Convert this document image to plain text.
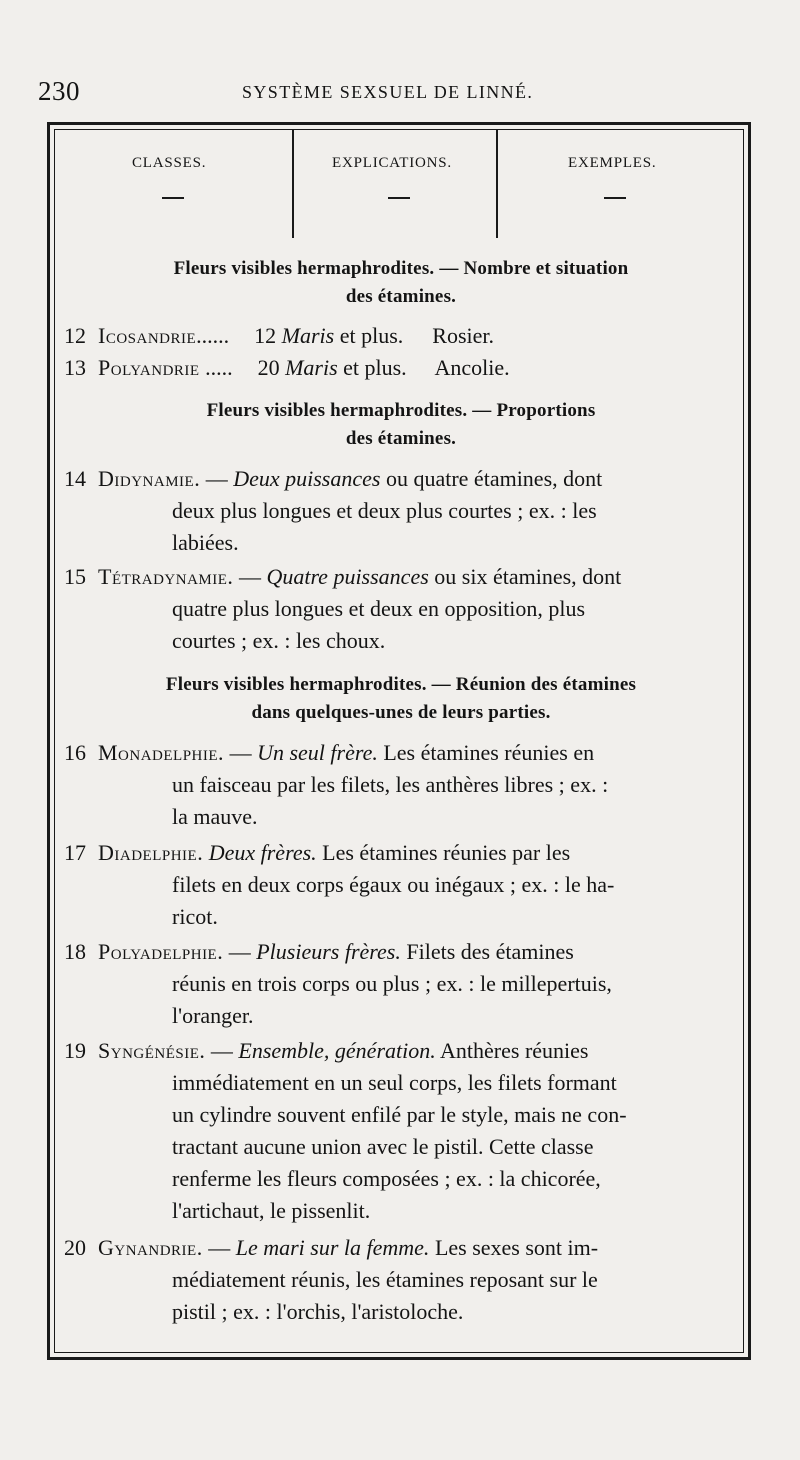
230	SYSTÈME SEXSUEL DE LINNÉ.
CLASSES.	EXPLICATIONS.	EXEMPLES.
Fleurs visibles hermaphrodites. — Nombre et situation
des étamines.
12 Icosandrie...... 12 Maris et plus. Rosier.
13 Polyandrie ..... 20 Maris et plus. Ancolie.
Fleurs visibles hermaphrodites. — Proportions
des étamines.
14 Didynamie. — Deux puissances ou quatre étamines, dont
deux plus longues et deux plus courtes ; ex. : les
labiées.
15 Tétradynamie. — Quatre puissances ou six étamines, dont
quatre plus longues et deux en opposition, plus
courtes ; ex. : les choux.
Fleurs visibles hermaphrodites. — Réunion des étamines
dans quelques-unes de leurs parties.
16 Monadelphie. — Un seul frère. Les étamines réunies en
un faisceau par les filets, les anthères libres ; ex. :
la mauve.
17 Diadelphie. Deux frères. Les étamines réunies par les
filets en deux corps égaux ou inégaux ; ex. : le ha-
ricot.
18 Polyadelphie. — Plusieurs frères. Filets des étamines
réunis en trois corps ou plus ; ex. : le millepertuis,
l'oranger.
19 Syngénésie. — Ensemble, génération. Anthères réunies
immédiatement en un seul corps, les filets formant
un cylindre souvent enfilé par le style, mais ne con-
tractant aucune union avec le pistil. Cette classe
renferme les fleurs composées ; ex. : la chicorée,
l'artichaut, le pissenlit.
20 Gynandrie. — Le mari sur la femme. Les sexes sont im-
médiatement réunis, les étamines reposant sur le
pistil ; ex. : l'orchis, l'aristoloche.
